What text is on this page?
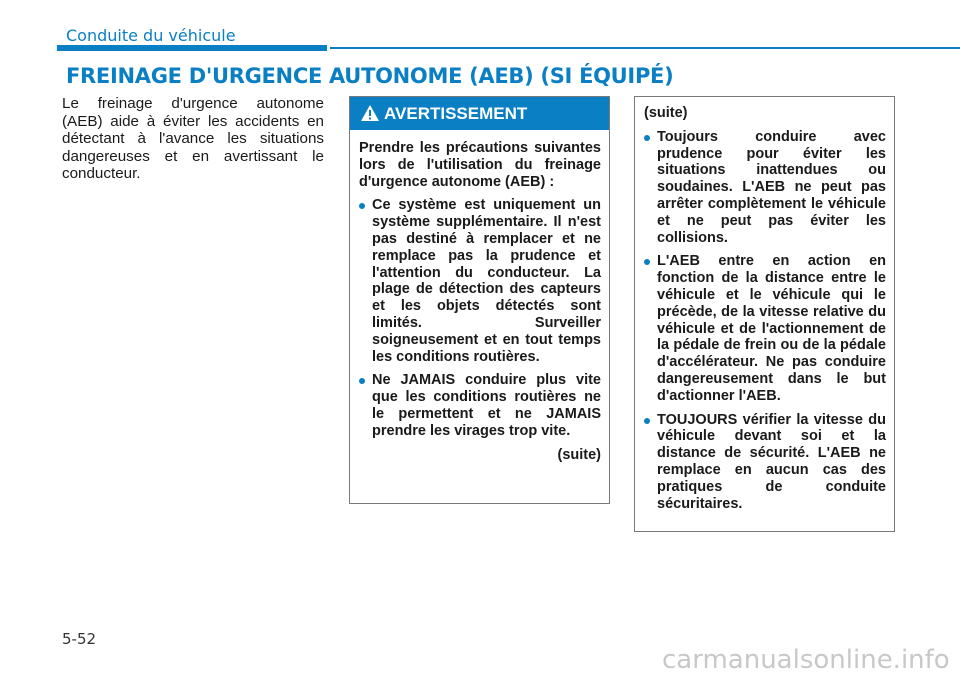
Conduite du véhicule
FREINAGE D'URGENCE AUTONOME (AEB) (SI ÉQUIPÉ)
Le freinage d'urgence autonome (AEB) aide à éviter les accidents en détectant à l'avance les situations dangereuses et en avertissant le conducteur.
AVERTISSEMENT
Prendre les précautions suivantes lors de l'utilisation du freinage d'urgence autonome (AEB) :
Ce système est uniquement un système supplémentaire. Il n'est pas destiné à remplacer et ne remplace pas la prudence et l'attention du conducteur. La plage de détection des capteurs et les objets détectés sont limités. Surveiller soigneusement et en tout temps les conditions routières.
Ne JAMAIS conduire plus vite que les conditions routières ne le permettent et ne JAMAIS prendre les virages trop vite.
(suite)
(suite)
Toujours conduire avec prudence pour éviter les situations inattendues ou soudaines. L'AEB ne peut pas arrêter complètement le véhicule et ne peut pas éviter les collisions.
L'AEB entre en action en fonction de la distance entre le véhicule et le véhicule qui le précède, de la vitesse relative du véhicule et de l'actionnement de la pédale de frein ou de la pédale d'accélérateur. Ne pas conduire dangereusement dans le but d'actionner l'AEB.
TOUJOURS vérifier la vitesse du véhicule devant soi et la distance de sécurité. L'AEB ne remplace en aucun cas des pratiques de conduite sécuritaires.
5-52
carmanualsonline.info
